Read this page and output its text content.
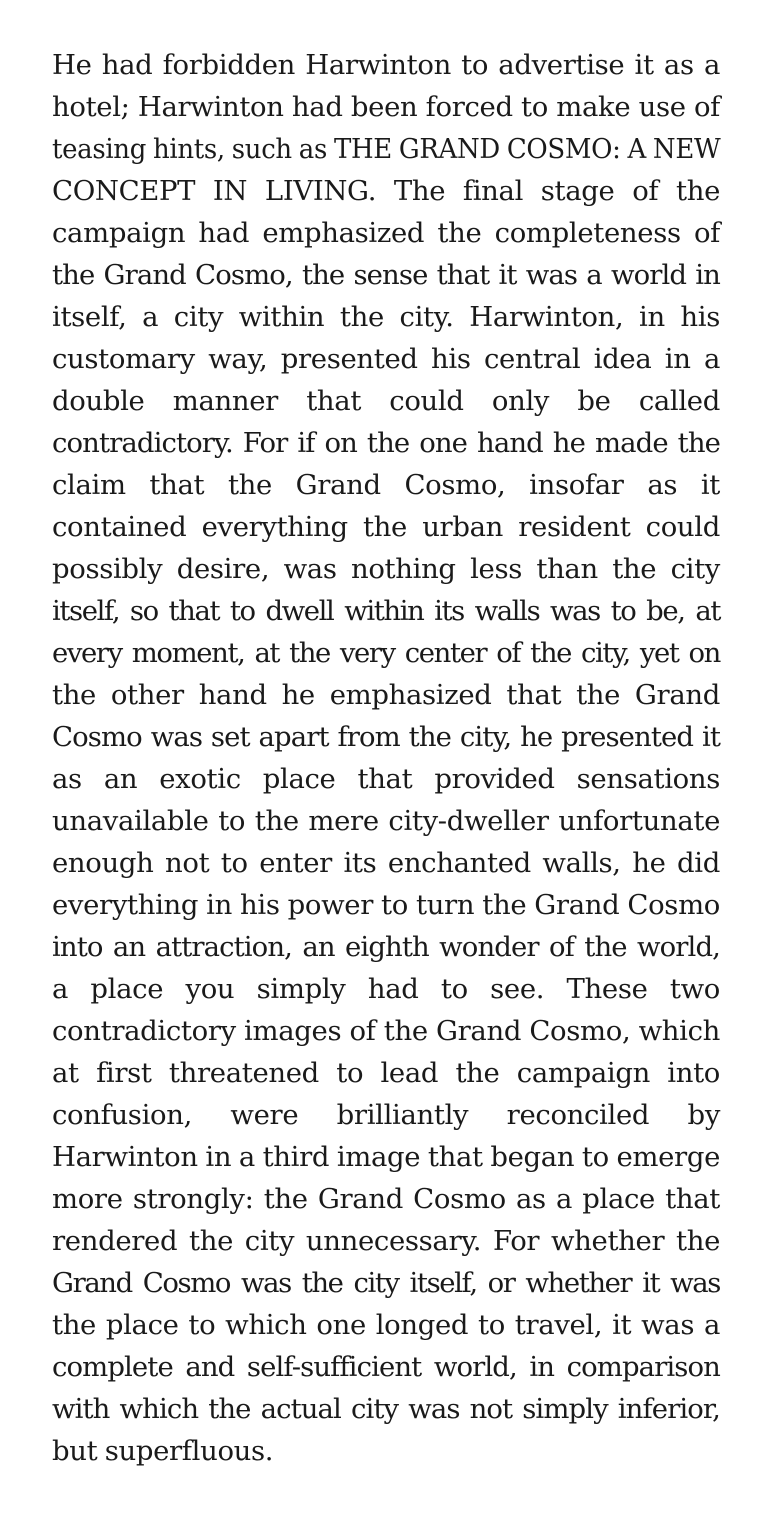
He had forbidden Harwinton to advertise it as a
hotel; Harwinton had been forced to make use of
teasing hints, such as THE GRAND COSMO: A NEW
CONCEPT IN LIVING. The final stage of the
campaign had emphasized the completeness of
the Grand Cosmo, the sense that it was a world in
itself, a city within the city. Harwinton, in his
customary way, presented his central idea in a
double manner that could only be called
contradictory. For if on the one hand he made the
claim that the Grand Cosmo, insofar as it
contained everything the urban resident could
possibly desire, was nothing less than the city
itself, so that to dwell within its walls was to be, at
every moment, at the very center of the city, yet on
the other hand he emphasized that the Grand
Cosmo was set apart from the city, he presented it
as an exotic place that provided sensations
unavailable to the mere city-dweller unfortunate
enough not to enter its enchanted walls, he did
everything in his power to turn the Grand Cosmo
into an attraction, an eighth wonder of the world,
a place you simply had to see. These two
contradictory images of the Grand Cosmo, which
at first threatened to lead the campaign into
confusion, were brilliantly reconciled by
Harwinton in a third image that began to emerge
more strongly: the Grand Cosmo as a place that
rendered the city unnecessary. For whether the
Grand Cosmo was the city itself, or whether it was
the place to which one longed to travel, it was a
complete and self-sufficient world, in comparison
with which the actual city was not simply inferior,
but superfluous.
